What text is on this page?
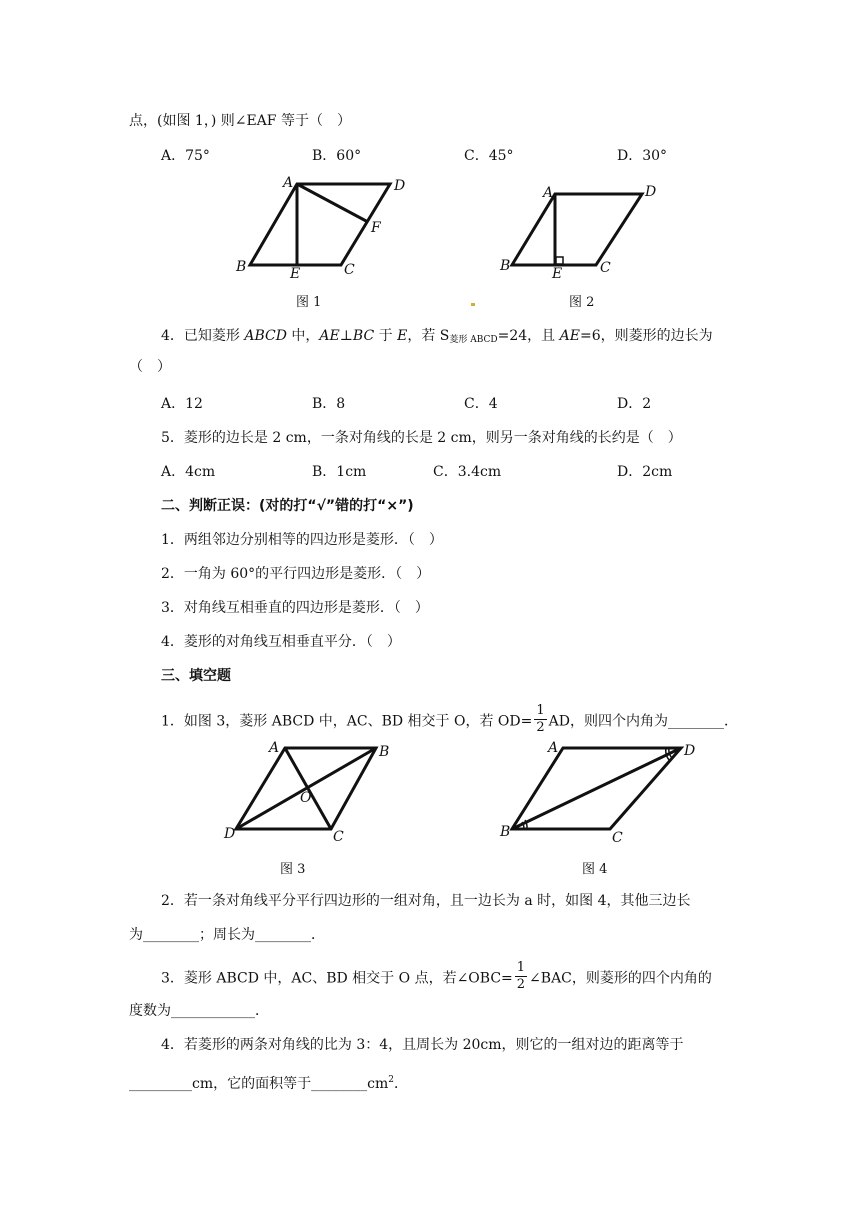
点，(如图 1，) 则∠EAF 等于（　）
A．75°	B．60°	C．45°	D．30°
A	D
F
B	E	C
A	D
B	E	C
A	B
O
D	C
A	D
B	C
图 1	图 2
4．已知菱形 ABCD 中，AE⊥BC 于 E，若 $S_{菱形 ABCD}=24$，且 AE=6，则菱形的边长为
（　）
A．12	B．8	C．4	D．2
5．菱形的边长是 2 cm，一条对角线的长是 2 cm，则另一条对角线的长约是（　）
A．4cm	B．1cm	C．3.4cm	D．2cm
二、判断正误：(对的打“√”错的打“×”)
1．两组邻边分别相等的四边形是菱形．（　）
2．一角为 60°的平行四边形是菱形．（　）
3．对角线互相垂直的四边形是菱形．（　）
4．菱形的对角线互相垂直平分．（　）
三、填空题
1．如图 3，菱形 ABCD 中，AC、BD 相交于 O，若 $OD= \frac{1}{2}$ AD，则四个内角为________．
图 3	图 4
2．若一条对角线平分平行四边形的一组对角，且一边长为 a 时，如图 4，其他三边长
为________；周长为________．
3．菱形 ABCD 中，AC、BD 相交于 O 点，若∠OBC= $\frac{1}{2}$ ∠BAC，则菱形的四个内角的
度数为____________．
4．若菱形的两条对角线的比为 3：4，且周长为 20cm，则它的一组对边的距离等于
_________cm，它的面积等于$\_\_\_\_\_\_\_\_cm^2$．
